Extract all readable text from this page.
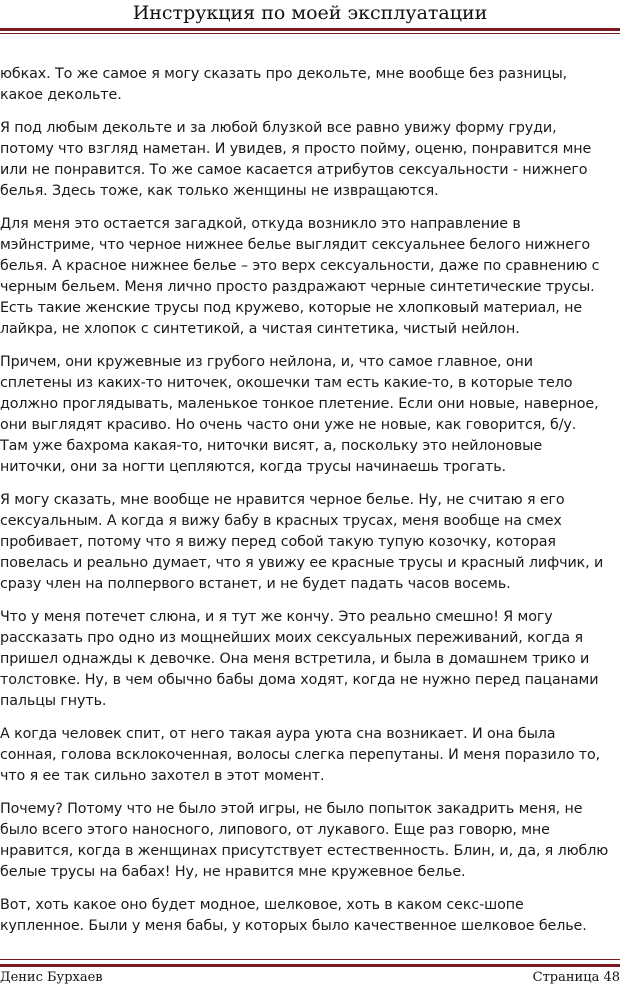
Инструкция по моей эксплуатации
юбках. То же самое я могу сказать про декольте, мне вообще без разницы,
какое декольте.
Я под любым декольте и за любой блузкой все равно увижу форму груди,
потому что взгляд наметан. И увидев, я просто пойму, оценю, понравится мне
или не понравится. То же самое касается атрибутов сексуальности - нижнего
белья. Здесь тоже, как только женщины не извращаются.
Для меня это остается загадкой, откуда возникло это направление в
мэйнстриме, что черное нижнее белье выглядит сексуальнее белого нижнего
белья. А красное нижнее белье – это верх сексуальности, даже по сравнению с
черным бельем. Меня лично просто раздражают черные синтетические трусы.
Есть такие женские трусы под кружево, которые не хлопковый материал, не
лайкра, не хлопок с синтетикой, а чистая синтетика, чистый нейлон.
Причем, они кружевные из грубого нейлона, и, что самое главное, они
сплетены из каких-то ниточек, окошечки там есть какие-то, в которые тело
должно проглядывать, маленькое тонкое плетение. Если они новые, наверное,
они выглядят красиво. Но очень часто они уже не новые, как говорится, б/у.
Там уже бахрома какая-то, ниточки висят, а, поскольку это нейлоновые
ниточки, они за ногти цепляются, когда трусы начинаешь трогать.
Я могу сказать, мне вообще не нравится черное белье. Ну, не считаю я его
сексуальным. А когда я вижу бабу в красных трусах, меня вообще на смех
пробивает, потому что я вижу перед собой такую тупую козочку, которая
повелась и реально думает, что я увижу ее красные трусы и красный лифчик, и
сразу член на полпервого встанет, и не будет падать часов восемь.
Что у меня потечет слюна, и я тут же кончу. Это реально смешно! Я могу
рассказать про одно из мощнейших моих сексуальных переживаний, когда я
пришел однажды к девочке. Она меня встретила, и была в домашнем трико и
толстовке. Ну, в чем обычно бабы дома ходят, когда не нужно перед пацанами
пальцы гнуть.
А когда человек спит, от него такая аура уюта сна возникает. И она была
сонная, голова всклокоченная, волосы слегка перепутаны. И меня поразило то,
что я ее так сильно захотел в этот момент.
Почему? Потому что не было этой игры, не было попыток закадрить меня, не
было всего этого наносного, липового, от лукавого. Еще раз говорю, мне
нравится, когда в женщинах присутствует естественность. Блин, и, да, я люблю
белые трусы на бабах! Ну, не нравится мне кружевное белье.
Вот, хоть какое оно будет модное, шелковое, хоть в каком секс-шопе
купленное. Были у меня бабы, у которых было качественное шелковое белье.
Денис Бурхаев	Страница 48
